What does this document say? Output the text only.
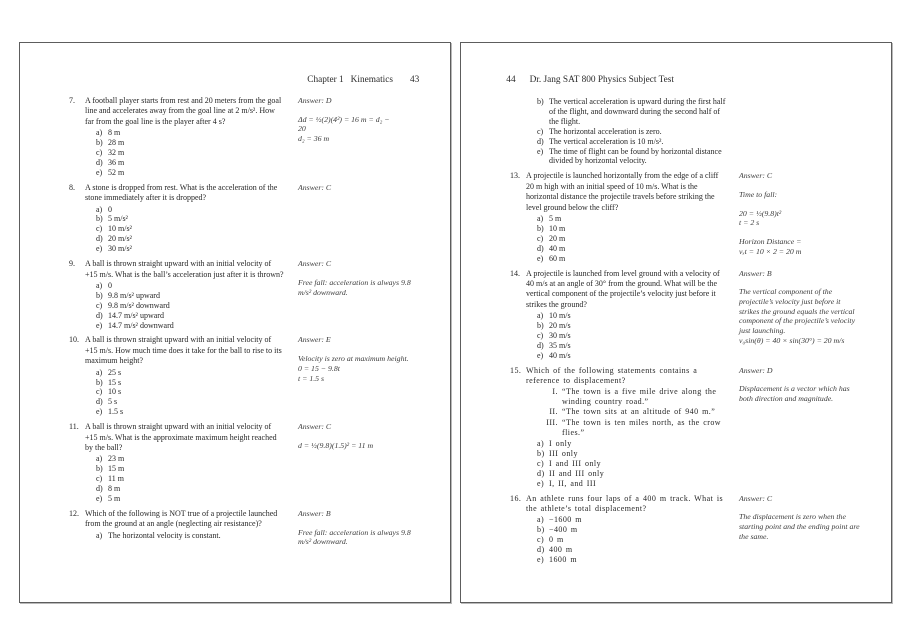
Chapter 1   Kinematics 43

7.	A football player starts from rest and 20 meters from the goal line and accelerates away from the goal line at 2 m/s². How far from the goal line is the player after 4 s?
a) 8 m
b) 28 m
c) 32 m
d) 36 m
e) 52 m
Answer: D
Δd = ½(2)(4²) = 16 m = d₂ −
20
d₂ = 36 m
8.	A stone is dropped from rest. What is the acceleration of the stone immediately after it is dropped?
a) 0
b) 5 m/s²
c) 10 m/s²
d) 20 m/s²
e) 30 m/s²
Answer: C
9.	A ball is thrown straight upward with an initial velocity of +15 m/s. What is the ball’s acceleration just after it is thrown?
a) 0
b) 9.8 m/s² upward
c) 9.8 m/s² downward
d) 14.7 m/s² upward
e) 14.7 m/s² downward
Answer: C
Free fall: acceleration is always 9.8 m/s² downward.
10. A ball is thrown straight upward with an initial velocity of +15 m/s. How much time does it take for the ball to rise to its maximum height?
a) 25 s
b) 15 s
c) 10 s
d) 5 s
e) 1.5 s
Answer: E
Velocity is zero at maximum height.
0 = 15 − 9.8t
t = 1.5 s
11. A ball is thrown straight upward with an initial velocity of +15 m/s. What is the approximate maximum height reached by the ball?
a) 23 m
b) 15 m
c) 11 m
d) 8 m
e) 5 m
Answer: C
d = ½(9.8)(1.5)² = 11 m
12. Which of the following is NOT true of a projectile launched from the ground at an angle (neglecting air resistance)?
a) The horizontal velocity is constant.
Answer: B
Free fall: acceleration is always 9.8 m/s² downward.

44 Dr. Jang SAT 800 Physics Subject Test

b) The vertical acceleration is upward during the first half of the flight, and downward during the second half of the flight.
c) The horizontal acceleration is zero.
d) The vertical acceleration is 10 m/s².
e) The time of flight can be found by horizontal distance divided by horizontal velocity.
13. A projectile is launched horizontally from the edge of a cliff 20 m high with an initial speed of 10 m/s. What is the horizontal distance the projectile travels before striking the level ground below the cliff?
a) 5 m
b) 10 m
c) 20 m
d) 40 m
e) 60 m
Answer: C
Time to fall:
20 = ½(9.8)t²
t = 2 s
Horizon Distance =
vₓt = 10 × 2 = 20 m
14. A projectile is launched from level ground with a velocity of 40 m/s at an angle of 30° from the ground. What will be the vertical component of the projectile’s velocity just before it strikes the ground?
a) 10 m/s
b) 20 m/s
c) 30 m/s
d) 35 m/s
e) 40 m/s
Answer: B
The vertical component of the projectile’s velocity just before it strikes the ground equals the vertical component of the projectile’s velocity just launching.
v₀sin(θ) = 40 × sin(30°) = 20 m/s
15. Which of the following statements contains a reference to displacement?
I. “The town is a five mile drive along the winding country road.”
II. “The town sits at an altitude of 940 m.”
III. “The town is ten miles north, as the crow flies.”
a) I only
b) III only
c) I and III only
d) II and III only
e) I, II, and III
Answer: D
Displacement is a vector which has both direction and magnitude.
16. An athlete runs four laps of a 400 m track. What is the athlete’s total displacement?
a) −1600 m
b) −400 m
c) 0 m
d) 400 m
e) 1600 m
Answer: C
The displacement is zero when the starting point and the ending point are the same.
